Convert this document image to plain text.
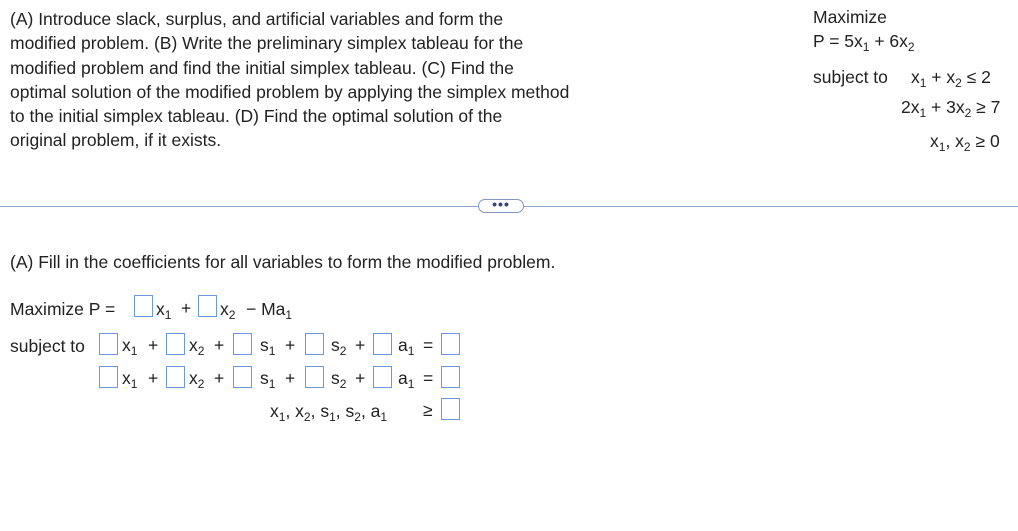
(A) Introduce slack, surplus, and artificial variables and form the
modified problem. (B) Write the preliminary simplex tableau for the
modified problem and find the initial simplex tableau. (C) Find the
optimal solution of the modified problem by applying the simplex method
to the initial simplex tableau. (D) Find the optimal solution of the
original problem, if it exists.
Maximize
$P = 5x_1 + 6x_2$
subject to $x_1 + x_2 \le 2$
$2x_1 + 3x_2 \ge 7$
$x_1$, $x_2 \ge 0$
•••
(A) Fill in the coefficients for all variables to form the modified problem.
Maximize $P = x_1 + x_2 - Ma_1$
subject to $x_1 + x_2 + s_1 + s_2 + a_1$ =
$x_1 + x_2 + s_1 + s_2 + a_1$ =
$x_1$, $x_2$, $s_1$, $s_2$, $a_1$ ≥
